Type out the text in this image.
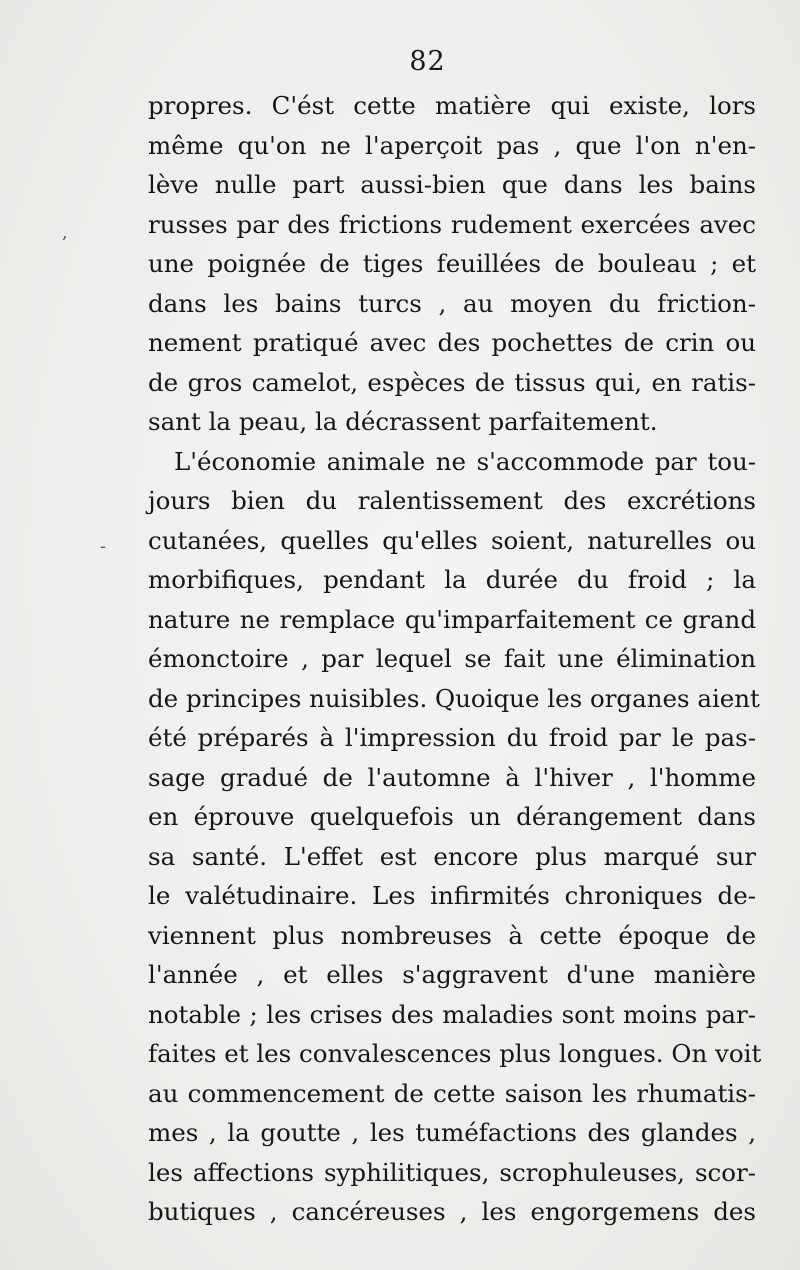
82
propres. C'ést cette matière qui existe, lors
même qu'on ne l'aperçoit pas , que l'on n'en-
lève nulle part aussi-bien que dans les bains
russes par des frictions rudement exercées avec
une poignée de tiges feuillées de bouleau ; et
dans les bains turcs , au moyen du friction-
nement pratiqué avec des pochettes de crin ou
de gros camelot, espèces de tissus qui, en ratis-
sant la peau, la décrassent parfaitement.
L'économie animale ne s'accommode par tou-
jours bien du ralentissement des excrétions
cutanées, quelles qu'elles soient, naturelles ou
morbifiques, pendant la durée du froid ; la
nature ne remplace qu'imparfaitement ce grand
émonctoire , par lequel se fait une élimination
de principes nuisibles. Quoique les organes aient
été préparés à l'impression du froid par le pas-
sage gradué de l'automne à l'hiver , l'homme
en éprouve quelquefois un dérangement dans
sa santé. L'effet est encore plus marqué sur
le valétudinaire. Les infirmités chroniques de-
viennent plus nombreuses à cette époque de
l'année , et elles s'aggravent d'une manière
notable ; les crises des maladies sont moins par-
faites et les convalescences plus longues. On voit
au commencement de cette saison les rhumatis-
mes , la goutte , les tuméfactions des glandes ,
les affections syphilitiques, scrophuleuses, scor-
butiques , cancéreuses , les engorgemens des
,
-
